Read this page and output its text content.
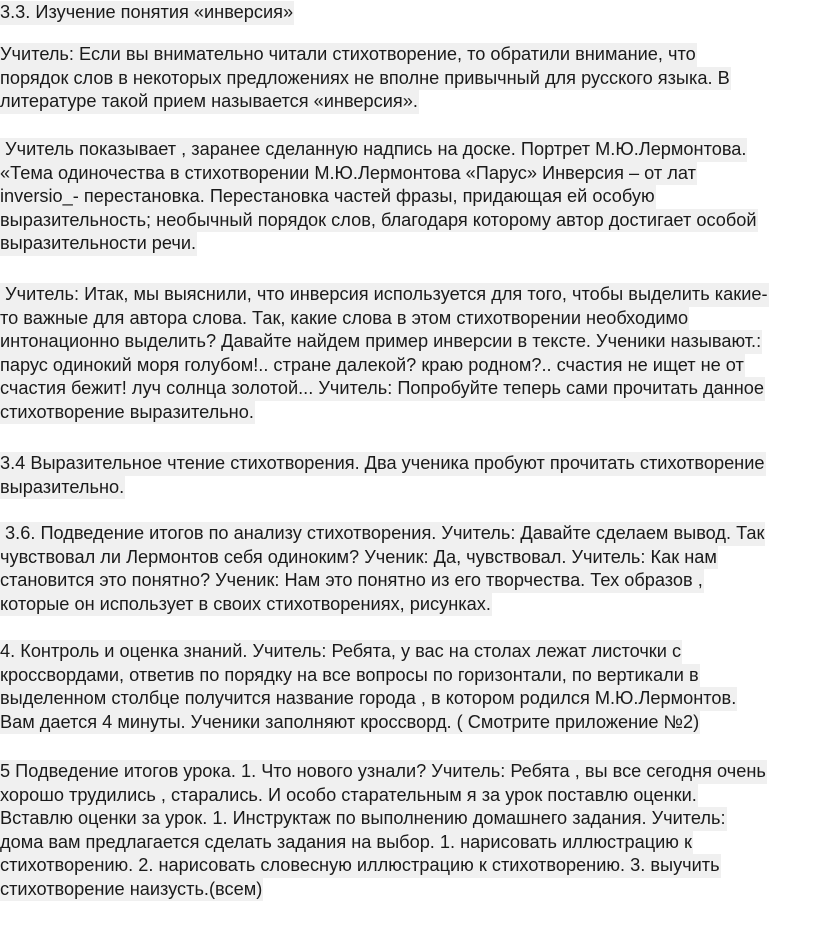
3.3. Изучение понятия «инверсия»
Учитель: Если вы внимательно читали стихотворение, то обратили внимание, что
порядок слов в некоторых предложениях не вполне привычный для русского языка. В
литературе такой прием называется «инверсия».
Учитель показывает , заранее сделанную надпись на доске. Портрет М.Ю.Лермонтова.
«Тема одиночества в стихотворении М.Ю.Лермонтова «Парус» Инверсия – от лат
inversio_- перестановка. Перестановка частей фразы, придающая ей особую
выразительность; необычный порядок слов, благодаря которому автор достигает особой
выразительности речи.
Учитель: Итак, мы выяснили, что инверсия используется для того, чтобы выделить какие-
то важные для автора слова. Так, какие слова в этом стихотворении необходимо
интонационно выделить? Давайте найдем пример инверсии в тексте. Ученики называют.:
парус одинокий моря голубом!.. стране далекой? краю родном?.. счастия не ищет не от
счастия бежит! луч солнца золотой... Учитель: Попробуйте теперь сами прочитать данное
стихотворение выразительно.
3.4 Выразительное чтение стихотворения. Два ученика пробуют прочитать стихотворение
выразительно.
3.6. Подведение итогов по анализу стихотворения. Учитель: Давайте сделаем вывод. Так
чувствовал ли Лермонтов себя одиноким? Ученик: Да, чувствовал. Учитель: Как нам
становится это понятно? Ученик: Нам это понятно из его творчества. Тех образов ,
которые он использует в своих стихотворениях, рисунках.
4. Контроль и оценка знаний. Учитель: Ребята, у вас на столах лежат листочки с
кроссвордами, ответив по порядку на все вопросы по горизонтали, по вертикали в
выделенном столбце получится название города , в котором родился М.Ю.Лермонтов.
Вам дается 4 минуты. Ученики заполняют кроссворд. ( Смотрите приложение №2)
5 Подведение итогов урока. 1. Что нового узнали? Учитель: Ребята , вы все сегодня очень
хорошо трудились , старались. И особо старательным я за урок поставлю оценки.
Вставлю оценки за урок. 1. Инструктаж по выполнению домашнего задания. Учитель:
дома вам предлагается сделать задания на выбор. 1. нарисовать иллюстрацию к
стихотворению. 2. нарисовать словесную иллюстрацию к стихотворению. 3. выучить
стихотворение наизусть.(всем)
